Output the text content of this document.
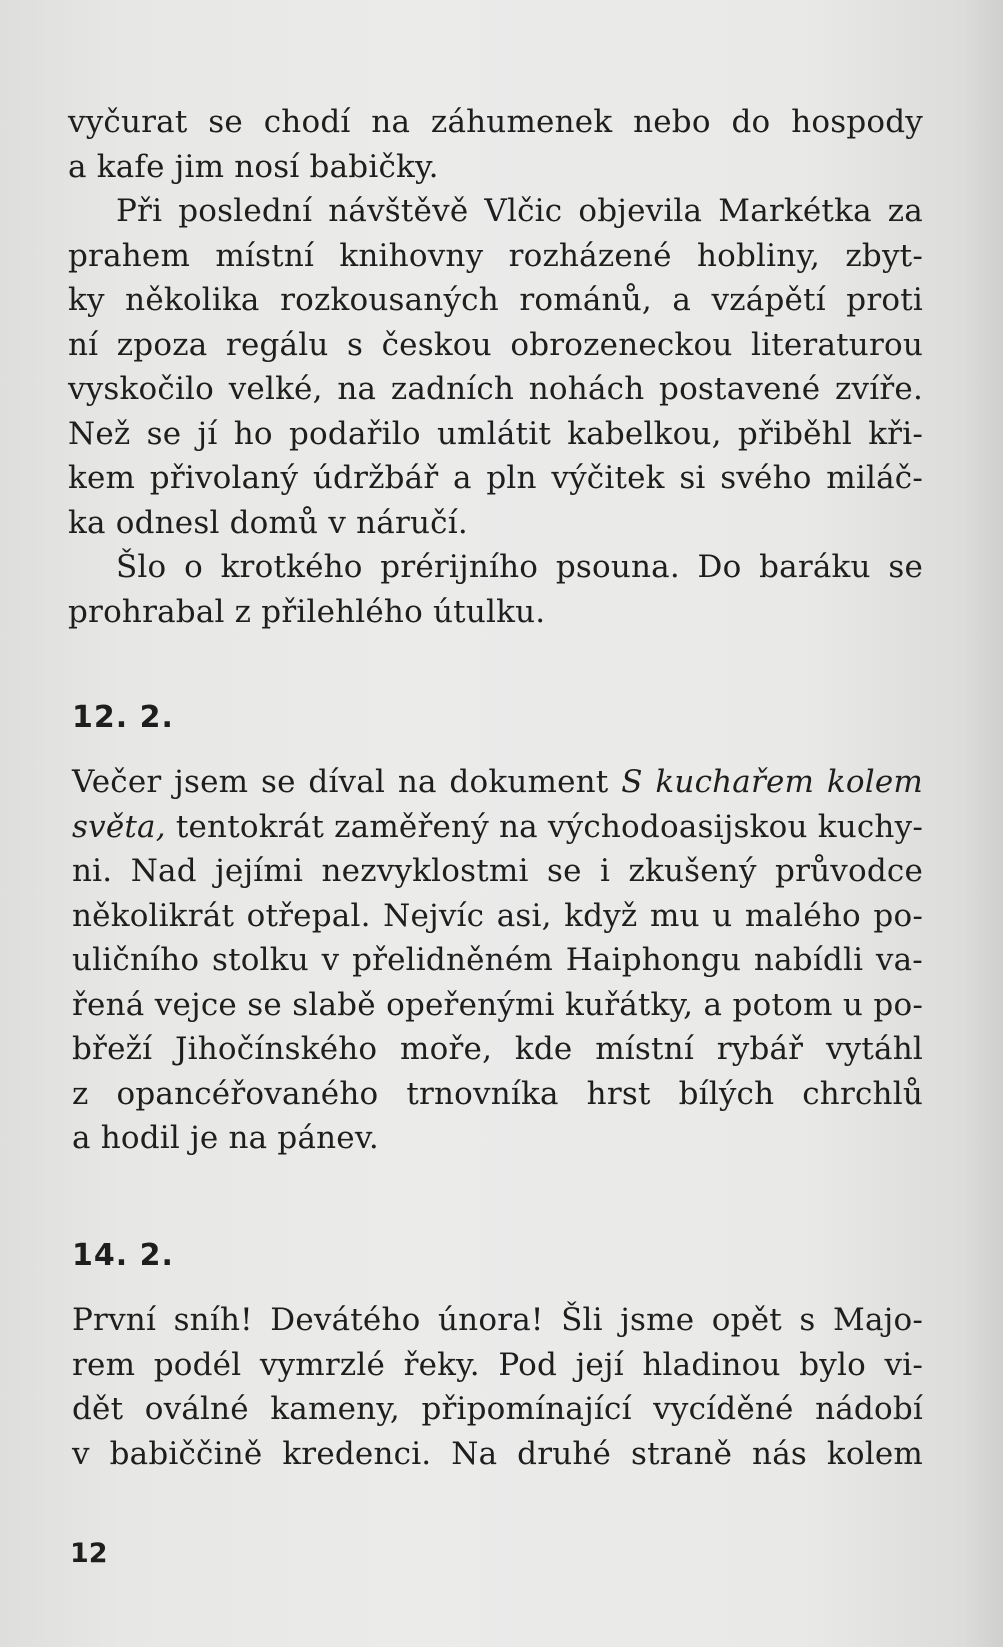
vyčurat se chodí na záhumenek nebo do hospody
a kafe jim nosí babičky.
Při poslední návštěvě Vlčic objevila Markétka za
prahem místní knihovny rozházené hobliny, zbyt-
ky několika rozkousaných románů, a vzápětí proti
ní zpoza regálu s českou obrozeneckou literaturou
vyskočilo velké, na zadních nohách postavené zvíře.
Než se jí ho podařilo umlátit kabelkou, přiběhl kři-
kem přivolaný údržbář a pln výčitek si svého miláč-
ka odnesl domů v náručí.
Šlo o krotkého prérijního psouna. Do baráku se
prohrabal z přilehlého útulku.
12. 2.
Večer jsem se díval na dokument S kuchařem kolem
světa, tentokrát zaměřený na východoasijskou kuchy-
ni. Nad jejími nezvyklostmi se i zkušený průvodce
několikrát otřepal. Nejvíc asi, když mu u malého po-
uličního stolku v přelidněném Haiphongu nabídli va-
řená vejce se slabě opeřenými kuřátky, a potom u po-
břeží Jihočínského moře, kde místní rybář vytáhl
z opancéřovaného trnovníka hrst bílých chrchlů
a hodil je na pánev.
14. 2.
První sníh! Devátého února! Šli jsme opět s Majo-
rem podél vymrzlé řeky. Pod její hladinou bylo vi-
dět oválné kameny, připomínající vycíděné nádobí
v babiččině kredenci. Na druhé straně nás kolem
12
